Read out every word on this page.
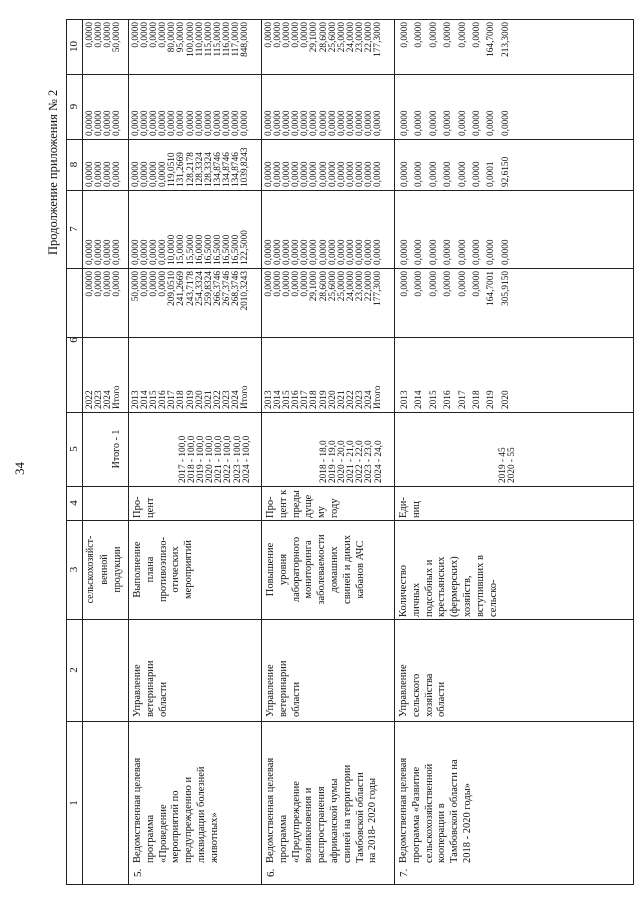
34
Продолжение приложения № 2
1
2
3
4
5
6
7
8
9
10
сельскохозяйст-
венной
продукции
Итого - 1
2022
2023
2024
Итого
0,0000
0,0000
0,0000
0,0000
0,0000
0,0000
0,0000
0,0000
0,0000
0,0000
0,0000
0,0000
0,0000
0,0000
0,0000
0,0000
0,0000
0,0000
0,0000
50,0000
5.
Ведомственная целевая
программа
«Проведение
мероприятий по
предупреждению и
ликвидации болезней
животных»
Управление
ветеринарии
области
Выполнение
плана
противоэпизо-
отических
мероприятий
Про-
цент
2017 - 100,0
2018 - 100,0
2019 - 100,0
2020 - 100,0
2021 - 100,0
2022 - 100,0
2023 - 100,0
2024 - 100,0
2013
2014
2015
2016
2017
2018
2019
2020
2021
2022
2023
2024
Итого
50,0000
0,0000
0,0000
0,0000
209,0510
241,2669
243,7178
254,3324
259,8324
266,3746
267,3746
268,3746
2010,3243
0,0000
0,0000
0,0000
0,0000
10,0000
15,0000
15,5000
16,0000
16,5000
16,5000
16,5000
16,5000
122,5000
0,0000
0,0000
0,0000
0,0000
119,0510
131,2669
128,2178
128,3324
128,3324
134,8746
134,8746
134,8746
1039,8243
0,0000
0,0000
0,0000
0,0000
0,0000
0,0000
0,0000
0,0000
0,0000
0,0000
0,0000
0,0000
0,0000
0,0000
0,0000
0,0000
0,0000
80,0000
95,0000
100,0000
110,0000
115,0000
115,0000
116,0000
117,0000
848,0000
6.
Ведомственная целевая
программа
«Предупреждение
возникновения и
распространения
африканской чумы
свиней на территории
Тамбовской области
на 2018- 2020 годы
Управление
ветеринарии
области
Повышение
уровня
лабораторного
мониторинга
заболеваемости
домашних
свиней и диких
кабанов АЧС
Про-
цент к
преды
дуще
му
году
2018 - 18,0
2019 - 19,0
2020 - 20,0
2021 - 21,0
2022 - 22,0
2023 - 23,0
2024 - 24,0
2013
2014
2015
2016
2017
2018
2019
2020
2021
2022
2023
2024
Итого
0,0000
0,0000
0,0000
0,0000
0,0000
29,1000
28,6000
25,6000
25,0000
24,0000
23,0000
22,0000
177,3000
0,0000
0,0000
0,0000
0,0000
0,0000
0,0000
0,0000
0,0000
0,0000
0,0000
0,0000
0,0000
0,0000
0,0000
0,0000
0,0000
0,0000
0,0000
0,0000
0,0000
0,0000
0,0000
0,0000
0,0000
0,0000
0,0000
0,0000
0,0000
0,0000
0,0000
0,0000
0,0000
0,0000
0,0000
0,0000
0,0000
0,0000
0,0000
0,0000
0,0000
0,0000
0,0000
0,0000
0,0000
29,1000
28,6000
25,6000
25,0000
24,0000
23,0000
22,0000
177,3000
7.
Ведомственная целевая
программа «Развитие
сельскохозяйственной
кооперации в
Тамбовской области на
2018 - 2020 годы»
Управление
сельского
хозяйства
области
Количество
личных
подсобных и
крестьянских
(фермерских)
хозяйств,
вступивших в
сельско-
Еди-
ниц
2019 - 45
2020 - 55
2013
2014
2015
2016
2017
2018
2019
2020
0,0000
0,0000
0,0000
0,0000
0,0000
0,0000
164,7001
305,9150
0,0000
0,0000
0,0000
0,0000
0,0000
0,0000
0,0000
0,0000
0,0000
0,0000
0,0000
0,0000
0,0000
0,0000
0,0001
92,6150
0,0000
0,0000
0,0000
0,0000
0,0000
0,0000
0,0000
0,0000
0,0000
0,0000
0,0000
0,0000
0,0000
0,0000
164,7000
213,3000
